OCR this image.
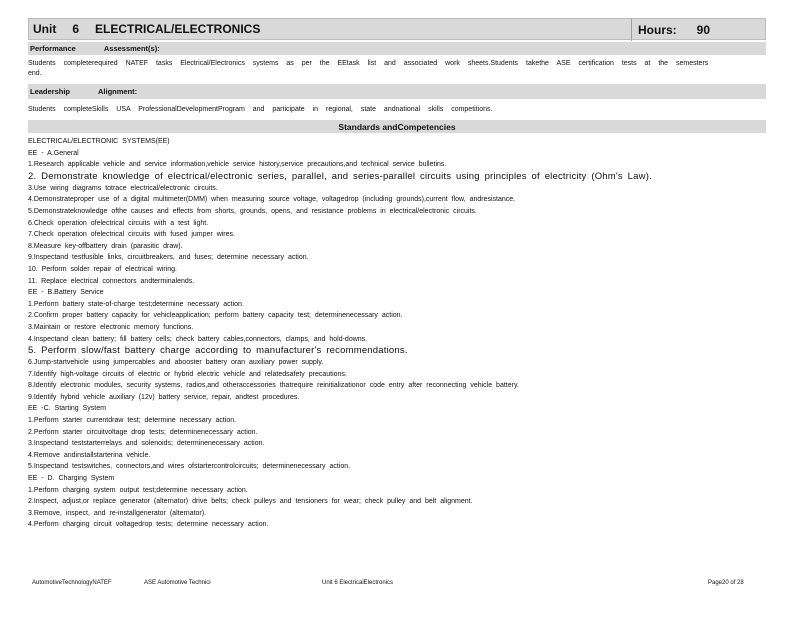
Unit 6 ELECTRICAL/ELECTRONICS	Hours: 90
Performance	Assessment(s):
Students completerequired NATEF tasks Electrical/Electronics systems as per the EEtask list and associated work sheets.Students takethe ASE certification tests at the semesters end.
Leadership	Alignment:
Students completeSkills USA ProfessionalDevelopmentProgram and participate in regional, state andnational skills competitions.
Standards andCompetencies
ELECTRICAL/ELECTRONIC SYSTEMS(EE)
EE - A.General
1.Research applicable vehicle and service information,vehicle service history,service precautions,and technical service bulletins.
2. Demonstrate knowledge of electrical/electronic series, parallel, and series-parallel circuits using principles of electricity (Ohm's Law).
3.Use wiring diagrams totrace electrical/electronic circuits.
4.Demonstrateproper use of a digital multimeter(DMM) when measuring source voltage, voltagedrop (including grounds),current flow, andresistance.
5.Demonstrateknowledge ofthe causes and effects from shorts, grounds, opens, and resistance problems in electrical/electronic circuits.
6.Check operation ofelectrical circuits with a test light.
7.Check operation ofelectrical circuits with fused jumper wires.
8.Measure key-offbattery drain (parasitic draw).
9.Inspectand testfusible links, circuitbreakers, and fuses; determine necessary action.
10. Perform solder repair of electrical wiring.
11. Replace electrical connectors andterminalends.
EE - B.Battery Service
1.Perform battery state-of-charge test;determine necessary action.
2.Confirm proper battery capacity for vehicleapplication; perform battery capacity test; determinenecessary action.
3.Maintain or restore electronic memory functions.
4.Inspectand clean battery; fill battery cells; check battery cables,connectors, clamps, and hold-downs.
5. Perform slow/fast battery charge according to manufacturer's recommendations.
6.Jump-startvehicle using jumpercables and abooster battery oran auxiliary power supply.
7.Identify high-voltage circuits of electric or hybrid electric vehicle and relatedsafety precautions.
8.Identify electronic modules, security systems, radios,and otheraccessories thatrequire reinitializationor code entry after reconnecting vehicle battery.
9.Identify hybrid vehicle auxiliary (12v) battery service, repair, andtest procedures.
EE -C. Starting System
1.Perform starter currentdraw test; determine necessary action.
2.Perform starter circuitvoltage drop tests; determinenecessary action.
3.Inspectand teststarterrelays and solenoids; determinenecessary action.
4.Remove andinstallstarterina vehicle.
5.Inspectand testswitches, connectors,and wires ofstartercontrolcircuits; determinenecessary action.
EE - D. Charging System
1.Perform charging system output test;determine necessary action.
2.Inspect, adjust,or replace generator (alternator) drive belts; check pulleys and tensioners for wear; check pulley and belt alignment.
3.Remove, inspect, and re-installgenerator (alternator).
4.Perform charging circuit voltagedrop tests; determine necessary action.
AutomotiveTechnologyNATEF	ASE Automotive Technici	Unit 6 ElectricalElectronics	Page20 of 28
